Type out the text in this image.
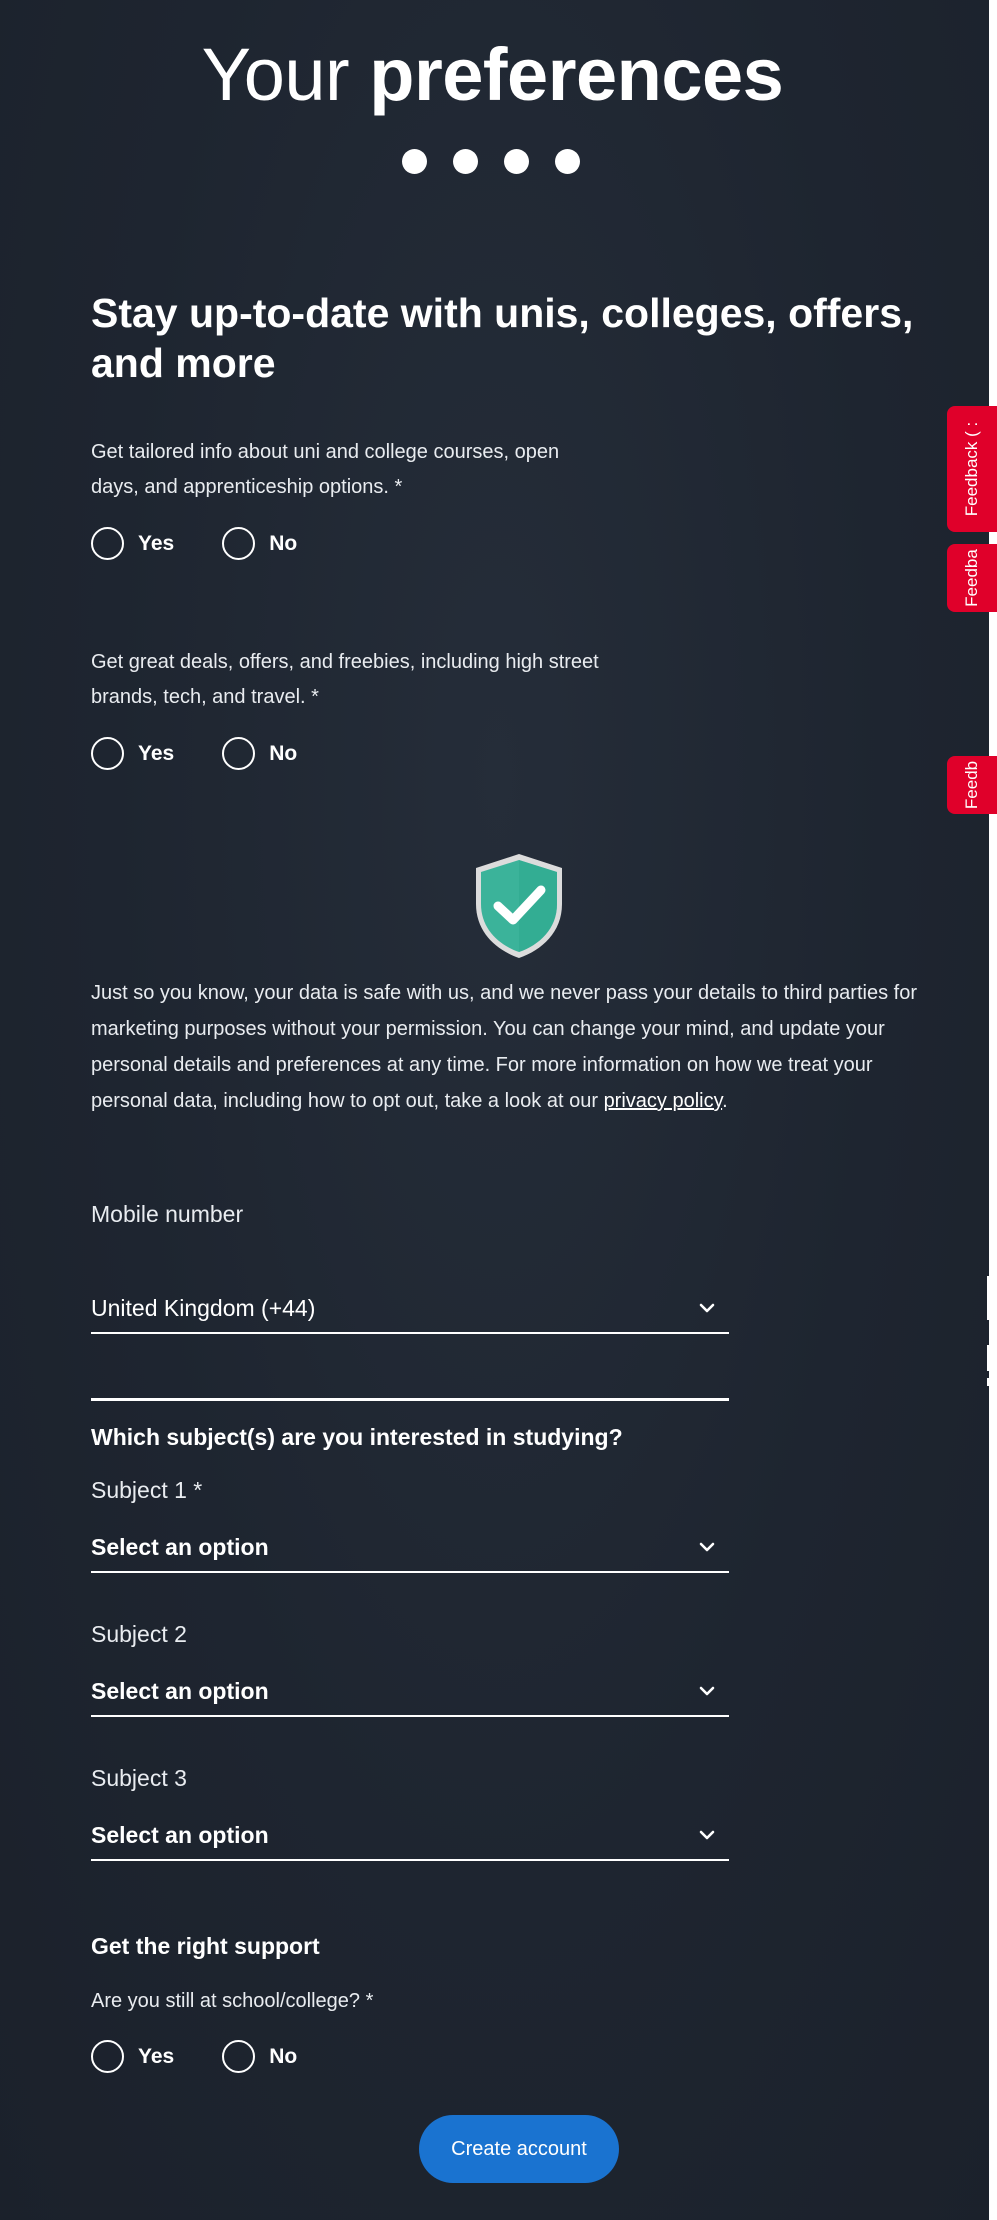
Your preferences
Stay up-to-date with unis, colleges, offers, and more

Get tailored info about uni and college courses, open days, and apprenticeship options. *

Yes	No

Get great deals, offers, and freebies, including high street brands, tech, and travel. *

Yes	No

Just so you know, your data is safe with us, and we never pass your details to third parties for marketing purposes without your permission. You can change your mind, and update your personal details and preferences at any time. For more information on how we treat your personal data, including how to opt out, take a look at our privacy policy.

Mobile number
United Kingdom (+44)
Which subject(s) are you interested in studying?
Subject 1 *
Select an option
Subject 2
Select an option
Subject 3
Select an option
Get the right support
Are you still at school/college? *
Yes	No
Create account
Feedback ( :
Feedba
Feedb
